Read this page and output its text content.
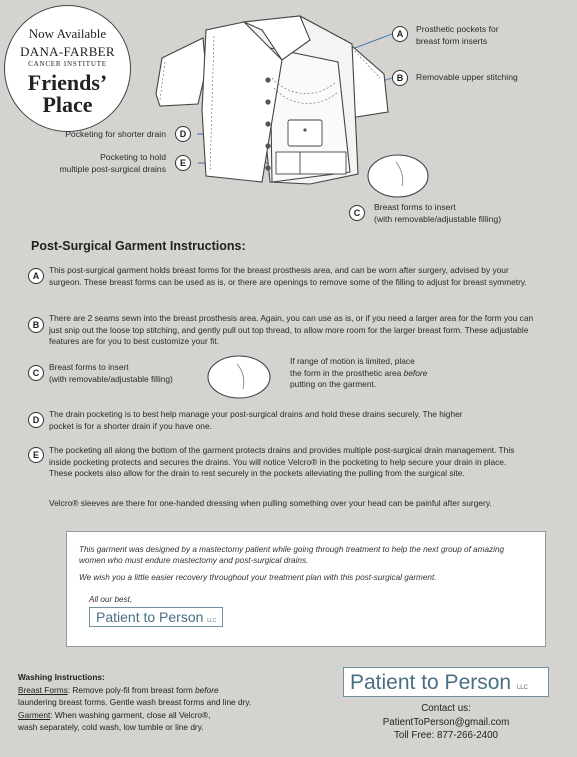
Now Available
DANA-FARBER
CANCER INSTITUTE
Friends’
Place
A	Prosthetic pockets for
breast form inserts
B	Removable upper stitching
C
Breast forms to insert
(with removable/adjustable filling)
D
Pocketing for shorter drain
E
Pocketing to hold
multiple post-surgical drains
Post-Surgical Garment Instructions:
A
This post-surgical garment holds breast forms for the breast prosthesis area, and can be worn after surgery, advised by your surgeon. These breast forms can be used as is, or there are openings to remove some of the filling to adjust for breast symmetry.
B
There are 2 seams sewn into the breast prosthesis area. Again, you can use as is, or if you need a larger area for the form you can just snip out the loose top stitching, and gently pull out top thread, to allow more room for the larger breast form. These adjustable features are for you to best customize your fit.
C
Breast forms to insert
(with removable/adjustable filling)
If range of motion is limited, place
the form in the prosthetic area before
putting on the garment.
D
The drain pocketing is to best help manage your post-surgical drains and hold these drains securely. The higher pocket is for a shorter drain if you have one.
E	The pocketing all along the bottom of the garment protects drains and provides multiple post-surgical drain management. This inside pocketing protects and secures the drains. You will notice Velcro® in the pocketing to help secure your drain in place. These pockets also allow for the drain to rest securely in the pockets alleviating the pulling from the surgical site.
Velcro® sleeves are there for one-handed dressing when pulling something over your head can be painful after surgery.
This garment was designed by a mastectomy patient while going through treatment to help the next group of amazing women who must endure mastectomy and post-surgical drains.
We wish you a little easier recovery throughout your treatment plan with this post-surgical garment.
All our best,
Patient to Person LLC
Washing Instructions:
Breast Forms: Remove poly-fil from breast form before
laundering breast forms. Gentle wash breast forms and line dry.
Garment: When washing garment, close all Velcro®,
wash separately, cold wash, low tumble or line dry.
Patient to Person LLC
Contact us:
PatientToPerson@gmail.com
Toll Free: 877-266-2400
